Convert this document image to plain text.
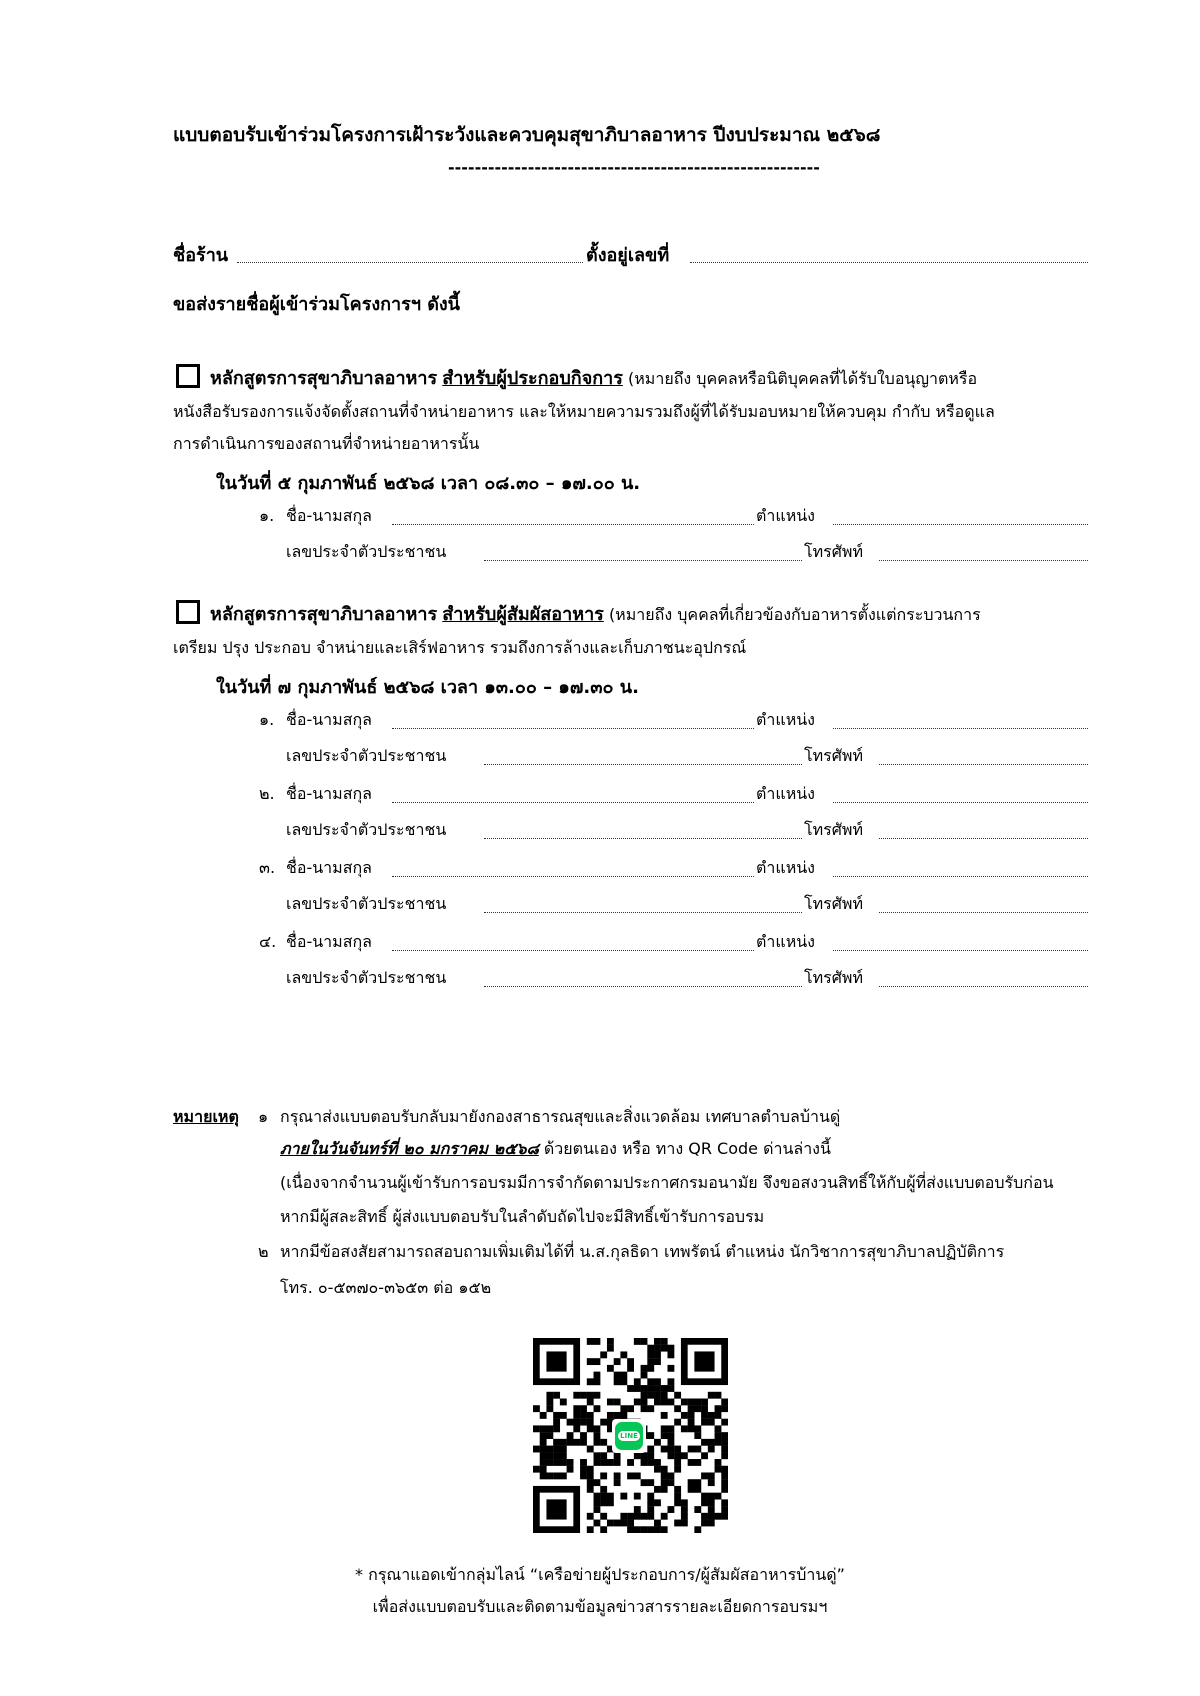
แบบตอบรับเข้าร่วมโครงการเฝ้าระวังและควบคุมสุขาภิบาลอาหาร ปีงบประมาณ ๒๕๖๘
--------------------------------------------------------
ชื่อร้าน	ตั้งอยู่เลขที่
ขอส่งรายชื่อผู้เข้าร่วมโครงการฯ ดังนี้
หลักสูตรการสุขาภิบาลอาหาร สำหรับผู้ประกอบกิจการ (หมายถึง บุคคลหรือนิติบุคคลที่ได้รับใบอนุญาตหรือ
หนังสือรับรองการแจ้งจัดตั้งสถานที่จำหน่ายอาหาร และให้หมายความรวมถึงผู้ที่ได้รับมอบหมายให้ควบคุม กำกับ หรือดูแล
การดำเนินการของสถานที่จำหน่ายอาหารนั้น
ในวันที่ ๕ กุมภาพันธ์ ๒๕๖๘ เวลา ๐๘.๓๐ – ๑๗.๐๐ น.
๑. ชื่อ-นามสกุล	ตำแหน่ง
เลขประจำตัวประชาชน	โทรศัพท์
หลักสูตรการสุขาภิบาลอาหาร สำหรับผู้สัมผัสอาหาร (หมายถึง บุคคลที่เกี่ยวข้องกับอาหารตั้งแต่กระบวนการ
เตรียม ปรุง ประกอบ จำหน่ายและเสิร์ฟอาหาร รวมถึงการล้างและเก็บภาชนะอุปกรณ์
ในวันที่ ๗ กุมภาพันธ์ ๒๕๖๘ เวลา ๑๓.๐๐ – ๑๗.๓๐ น.
๑. ชื่อ-นามสกุล	ตำแหน่ง
เลขประจำตัวประชาชน	โทรศัพท์
๒. ชื่อ-นามสกุล	ตำแหน่ง
เลขประจำตัวประชาชน	โทรศัพท์
๓. ชื่อ-นามสกุล	ตำแหน่ง
เลขประจำตัวประชาชน	โทรศัพท์
๔. ชื่อ-นามสกุล	ตำแหน่ง
เลขประจำตัวประชาชน	โทรศัพท์
หมายเหตุ ๑ กรุณาส่งแบบตอบรับกลับมายังกองสาธารณสุขและสิ่งแวดล้อม เทศบาลตำบลบ้านดู่
ภายในวันจันทร์ที่ ๒๐ มกราคม ๒๕๖๘ ด้วยตนเอง หรือ ทาง QR Code ด่านล่างนี้
(เนื่องจากจำนวนผู้เข้ารับการอบรมมีการจำกัดตามประกาศกรมอนามัย จึงขอสงวนสิทธิ์ให้กับผู้ที่ส่งแบบตอบรับก่อน
หากมีผู้สละสิทธิ์ ผู้ส่งแบบตอบรับในลำดับถัดไปจะมีสิทธิ์เข้ารับการอบรม
๒ หากมีข้อสงสัยสามารถสอบถามเพิ่มเติมได้ที่ น.ส.กุลธิดา เทพรัตน์ ตำแหน่ง นักวิชาการสุขาภิบาลปฏิบัติการ
โทร. ๐-๕๓๗๐-๓๖๕๓ ต่อ ๑๕๒
LINE
* กรุณาแอดเข้ากลุ่มไลน์ “เครือข่ายผู้ประกอบการ/ผู้สัมผัสอาหารบ้านดู่”
เพื่อส่งแบบตอบรับและติดตามข้อมูลข่าวสารรายละเอียดการอบรมฯ
